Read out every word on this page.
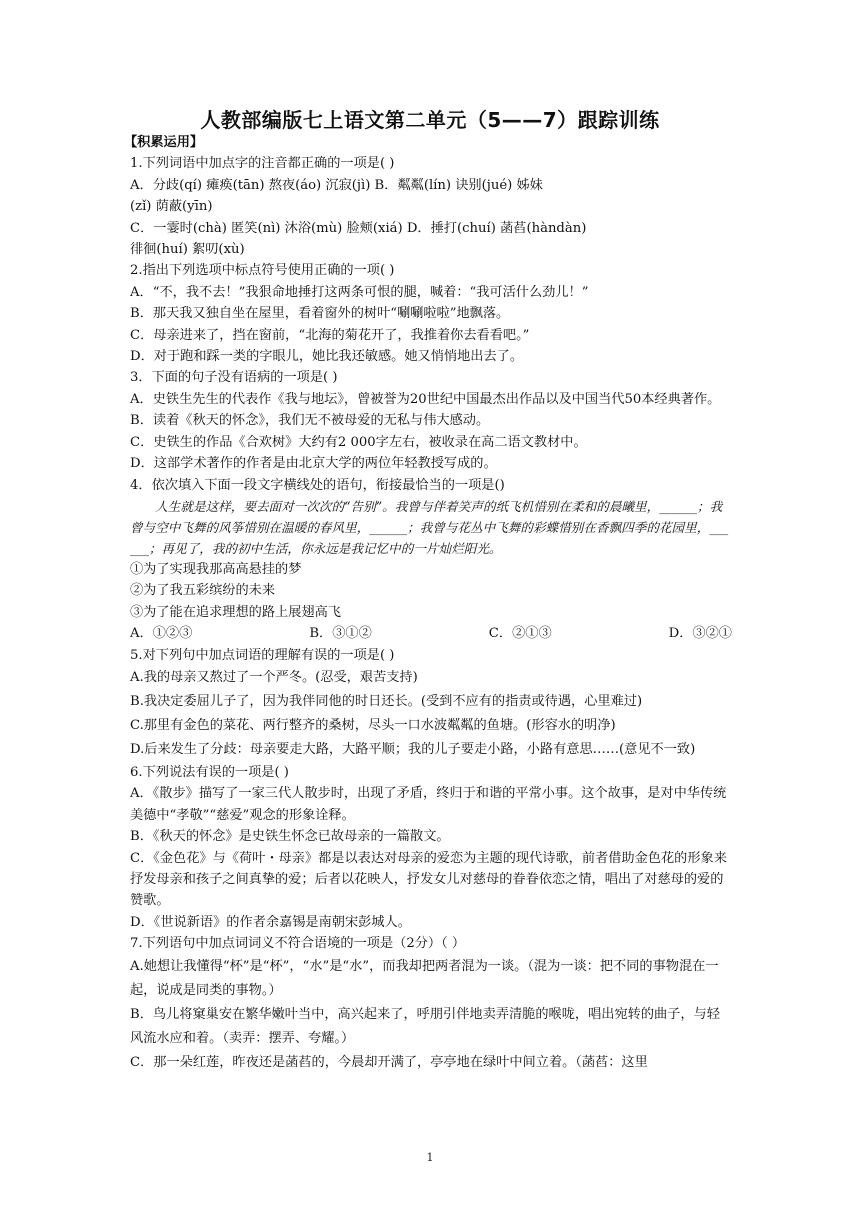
人教部编版七上语文第二单元（5——7）跟踪训练

【积累运用】

1.下列词语中加点字的注音都正确的一项是( )

A．分歧(qí) 瘫痪(tān) 熬夜(áo) 沉寂(jì) B．粼粼(lín) 诀别(jué) 姊妹

(zǐ) 荫蔽(yīn)

C．一霎时(chà) 匿笑(nì) 沐浴(mù) 脸颊(xiá) D．捶打(chuí) 菡萏(hàndàn)

徘徊(huí) 絮叨(xù)

2.指出下列选项中标点符号使用正确的一项( )

A．“不，我不去！”我狠命地捶打这两条可恨的腿，喊着：“我可活什么劲儿！”

B．那天我又独自坐在屋里，看着窗外的树叶“唰唰啦啦”地飘落。

C．母亲进来了，挡在窗前，“北海的菊花开了，我推着你去看看吧。”

D．对于跑和踩一类的字眼儿，她比我还敏感。她又悄悄地出去了。

3．下面的句子没有语病的一项是( )

A．史铁生先生的代表作《我与地坛》，曾被誉为20世纪中国最杰出作品以及中国当代50本经典著作。

B．读着《秋天的怀念》，我们无不被母爱的无私与伟大感动。

C．史铁生的作品《合欢树》大约有2 000字左右，被收录在高二语文教材中。

D．这部学术著作的作者是由北京大学的两位年轻教授写成的。

4．依次填入下面一段文字横线处的语句，衔接最恰当的一项是()

人生就是这样，要去面对一次次的“告别”。我曾与伴着笑声的纸飞机惜别在柔和的晨曦里，______；我曾与空中飞舞的风筝惜别在温暖的春风里，______；我曾与花丛中飞舞的彩蝶惜别在香飘四季的花园里，______；再见了，我的初中生活，你永远是我记忆中的一片灿烂阳光。

①为了实现我那高高悬挂的梦

②为了我五彩缤纷的未来

③为了能在追求理想的路上展翅高飞

A．①②③	B．③①②	C．②①③	D．③②①

5.对下列句中加点词语的理解有误的一项是( )

A.我的母亲又熬过了一个严冬。(忍受，艰苦支持)

B.我决定委屈儿子了，因为我伴同他的时日还长。(受到不应有的指责或待遇，心里难过)

C.那里有金色的菜花、两行整齐的桑树，尽头一口水波粼粼的鱼塘。(形容水的明净)

D.后来发生了分歧：母亲要走大路，大路平顺；我的儿子要走小路，小路有意思……(意见不一致)

6.下列说法有误的一项是( )

A．《散步》描写了一家三代人散步时，出现了矛盾，终归于和谐的平常小事。这个故事，是对中华传统美德中“孝敬”“慈爱”观念的形象诠释。

B．《秋天的怀念》是史铁生怀念已故母亲的一篇散文。

C．《金色花》与《荷叶・母亲》都是以表达对母亲的爱恋为主题的现代诗歌，前者借助金色花的形象来抒发母亲和孩子之间真挚的爱；后者以花映人，抒发女儿对慈母的眷眷依恋之情，唱出了对慈母的爱的赞歌。

D．《世说新语》的作者余嘉锡是南朝宋彭城人。

7.下列语句中加点词词义不符合语境的一项是（2分）（ ）

A.她想让我懂得“杯”是“杯”，“水”是“水”，而我却把两者混为一谈。（混为一谈：把不同的事物混在一起，说成是同类的事物。）

B．鸟儿将窠巢安在繁华嫩叶当中，高兴起来了，呼朋引伴地卖弄清脆的喉咙，唱出宛转的曲子，与轻风流水应和着。（卖弄：摆弄、夸耀。）

C．那一朵红莲，昨夜还是菡萏的，今晨却开满了，亭亭地在绿叶中间立着。（菡萏：这里

1
